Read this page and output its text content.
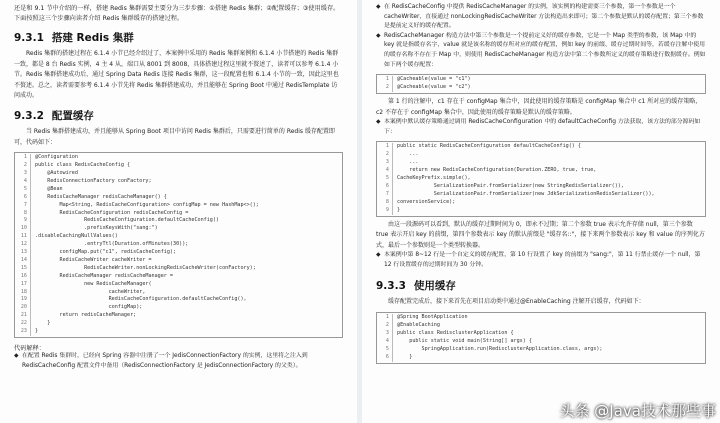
还是和 9.1 节中介绍的一样，搭建 Redis 集群需要主要分为三步步骤：①搭建 Redis 集群；②配置缓存；③使用缓存。下面按照这三个步骤向读者介绍 Redis 集群缓存的搭建过程。

9.3.1 搭建 Redis 集群

Redis 集群的搭建过程在 6.1.4 小节已经介绍过了，本案例中采用的 Redis 集群案例和 6.1.4 小节搭建的 Redis 集群一致，都是 8 台 Redis 实例，4 主 4 从，端口从 8001 到 8008，具体搭建过程这里就不赘述了，读者可以参考 6.1.4 小节。Redis 集群搭建成功后，通过 Spring Data Redis 连接 Redis 集群，这一段配置也和 6.1.4 小节的一致，因此这里也不赘述。总之，读者需要参考 6.1.4 小节先将 Redis 集群搭建成功，并且能够在 Spring Boot 中通过 RedisTemplate 访问成功。

9.3.2 配置缓存

当 Redis 集群搭建成功，并且能够从 Spring Boot 项目中访问 Redis 集群后，只需要进行简单的 Redis 缓存配置即可，代码如下：

1	@Configuration
2	public class RedisCacheConfig {
3	@Autowired
4	RedisConnectionFactory conFactory;
5	@Bean
6	RedisCacheManager redisCacheManager() {
7	Map<String, RedisCacheConfiguration> configMap = new HashMap<>();
8	RedisCacheConfiguration redisCacheConfig =
9	RedisCacheConfiguration.defaultCacheConfig()
10	.prefixKeysWith("sang:")
11	.disableCachingNullValues()
12	.entryTtl(Duration.ofMinutes(30));
13	configMap.put("c1", redisCacheConfig);
14	RedisCacheWriter cacheWriter =
15	RedisCacheWriter.nonLockingRedisCacheWriter(conFactory);
16	RedisCacheManager redisCacheManager =
17	new RedisCacheManager(
18	cacheWriter,
19	RedisCacheConfiguration.defaultCacheConfig(),
20	configMap);
21	return redisCacheManager;
22	}
23	}
代码解释：
◆ 在配置 Redis 集群时，已经向 Spring 容器中注册了一个 JedisConnectionFactory 的实例，这里将之注入到 RedisCacheConfig 配置文件中备用（RedisConnectionFactory 是 JedisConnectionFactory 的父类）。
◆ 在 RedisCacheConfig 中提供 RedisCacheManager 的实例，该实例的构建需要三个参数，第一个参数是一个 cacheWriter，直接通过 nonLockingRedisCacheWriter 方法构造出来即可；第二个参数是默认的缓存配置；第三个参数是提前定义好的缓存配置。
◆ RedisCacheManager 构造方法中第三个参数是一个提前定义好的缓存参数，它是一个 Map 类型的参数，该 Map 中的 key 就是指缓存名字，value 就是该名称的缓存所对应的缓存配置，例如 key 的前缀、缓存过期时间等，若缓存注解中使用的缓存名称不存在于 Map 中，则使用 RedisCacheManager 构造方法中第二个参数所定义的缓存策略进行数据缓存。例如如下两个缓存配置：
1	@Cacheable(value = "c1")
2	@Cacheable(value = "c2")

第 1 行的注解中，c1 存在于 configMap 集合中，因此使用的缓存策略是 configMap 集合中 c1 所对应的缓存策略，c2 不存在于 configMap 集合中，因此使用的缓存策略是默认的缓存策略。

◆ 本案例中默认缓存策略通过调用 RedisCacheConfiguration 中的 defaultCacheConfig 方法获取，该方法的部分源码如下：
1	public static RedisCacheConfiguration defaultCacheConfig() {
2	...
3	...
4	return new RedisCacheConfiguration(Duration.ZERO, true, true,
5	CacheKeyPrefix.simple(),
6	SerializationPair.fromSerializer(new StringRedisSerializer()),
7	SerializationPair.fromSerializer(new JdkSerializationRedisSerializer()),
8	conversionService);
9	}

由这一段源码可以看到，默认的缓存过期时间为 0，即永不过期；第二个参数 true 表示允许存储 null，第三个参数 true 表示开启 key 的前缀，第四个参数表示 key 的默认前缀是 "缓存名::"，接下来两个参数表示 key 和 value 的序列化方式，最后一个参数则是一个类型转换器。

◆ 本案例中第 8~12 行是一个自定义的缓存配置，第 10 行设置了 key 的前缀为 "sang:"，第 11 行禁止缓存一个 null，第 12 行设置缓存的过期时间为 30 分钟。
9.3.3 使用缓存

缓存配置完成后，接下来首先在项目启动类中通过@EnableCaching 注解开启缓存，代码如下：

1	@Spring BootApplication
2	@EnableCaching
3	public class RedisclusterApplication {
4	public static void main(String[] args) {
5	SpringApplication.run(RedisclusterApplication.class, args);
6	}
头条 @Java技术那些事
